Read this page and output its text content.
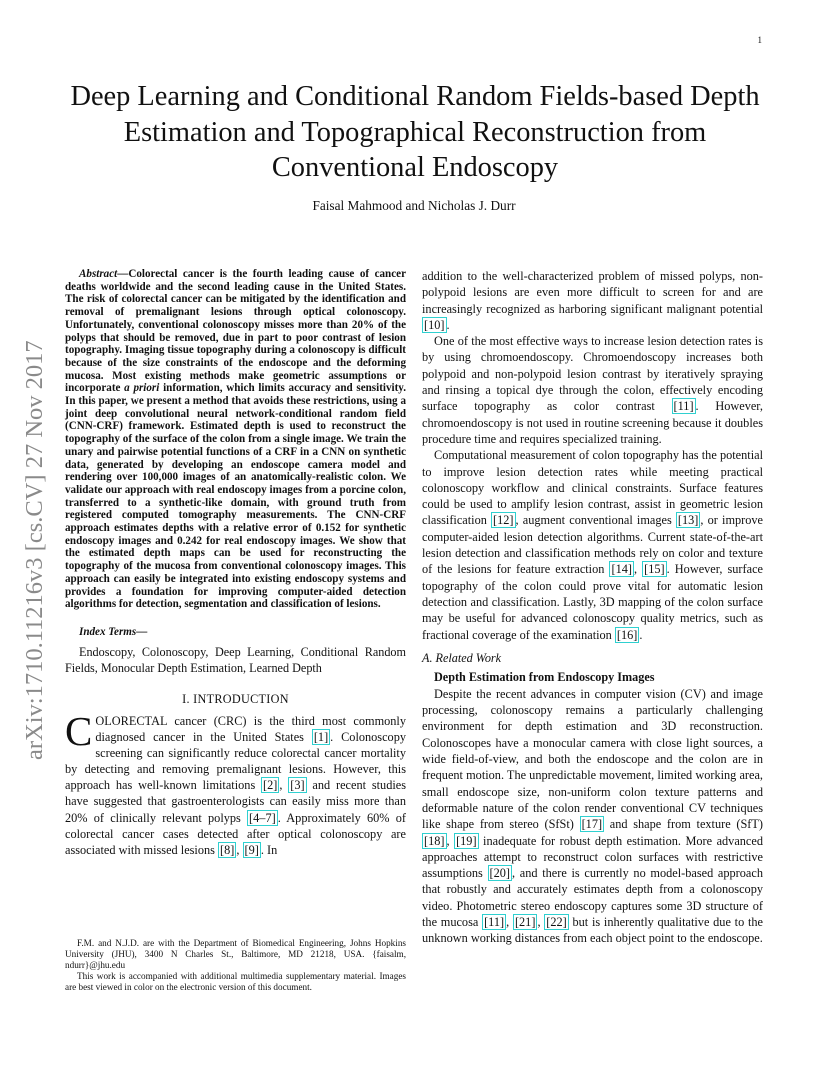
1
Deep Learning and Conditional Random Fields-based Depth Estimation and Topographical Reconstruction from Conventional Endoscopy
Faisal Mahmood and Nicholas J. Durr
arXiv:1710.11216v3 [cs.CV] 27 Nov 2017

Abstract—Colorectal cancer is the fourth leading cause of cancer deaths worldwide and the second leading cause in the United States. The risk of colorectal cancer can be mitigated by the identification and removal of premalignant lesions through optical colonoscopy. Unfortunately, conventional colonoscopy misses more than 20% of the polyps that should be removed, due in part to poor contrast of lesion topography. Imaging tissue topography during a colonoscopy is difficult because of the size constraints of the endoscope and the deforming mucosa. Most existing methods make geometric assumptions or incorporate a priori information, which limits accuracy and sensitivity. In this paper, we present a method that avoids these restrictions, using a joint deep convolutional neural network-conditional random field (CNN-CRF) framework. Estimated depth is used to reconstruct the topography of the surface of the colon from a single image. We train the unary and pairwise potential functions of a CRF in a CNN on synthetic data, generated by developing an endoscope camera model and rendering over 100,000 images of an anatomically-realistic colon. We validate our approach with real endoscopy images from a porcine colon, transferred to a synthetic-like domain, with ground truth from registered computed tomography measurements. The CNN-CRF approach estimates depths with a relative error of 0.152 for synthetic endoscopy images and 0.242 for real endoscopy images. We show that the estimated depth maps can be used for reconstructing the topography of the mucosa from conventional colonoscopy images. This approach can easily be integrated into existing endoscopy systems and provides a foundation for improving computer-aided detection algorithms for detection, segmentation and classification of lesions.

Index Terms—

Endoscopy, Colonoscopy, Deep Learning, Conditional Random Fields, Monocular Depth Estimation, Learned Depth

I. INTRODUCTION

COLORECTAL cancer (CRC) is the third most commonly diagnosed cancer in the United States [1] . Colonoscopy screening can significantly reduce colorectal cancer mortality by detecting and removing premalignant lesions. However, this approach has well-known limitations [2] , [3] and recent studies have suggested that gastroenterologists can easily miss more than 20% of clinically relevant polyps [4–7] . Approximately 60% of colorectal cancer cases detected after optical colonoscopy are associated with missed lesions [8] , [9] . In

F.M. and N.J.D. are with the Department of Biomedical Engineering, Johns Hopkins University (JHU), 3400 N Charles St., Baltimore, MD 21218, USA. {faisalm, ndurr}@jhu.edu

This work is accompanied with additional multimedia supplementary material. Images are best viewed in color on the electronic version of this document.

addition to the well-characterized problem of missed polyps, non-polypoid lesions are even more difficult to screen for and are increasingly recognized as harboring significant malignant potential [10] .

One of the most effective ways to increase lesion detection rates is by using chromoendoscopy. Chromoendoscopy increases both polypoid and non-polypoid lesion contrast by iteratively spraying and rinsing a topical dye through the colon, effectively encoding surface topography as color contrast [11] . However, chromoendoscopy is not used in routine screening because it doubles procedure time and requires specialized training.

Computational measurement of colon topography has the potential to improve lesion detection rates while meeting practical colonoscopy workflow and clinical constraints. Surface features could be used to amplify lesion contrast, assist in geometric lesion classification [12] , augment conventional images [13] , or improve computer-aided lesion detection algorithms. Current state-of-the-art lesion detection and classification methods rely on color and texture of the lesions for feature extraction [14] , [15] . However, surface topography of the colon could prove vital for automatic lesion detection and classification. Lastly, 3D mapping of the colon surface may be useful for advanced colonoscopy quality metrics, such as fractional coverage of the examination [16] .

A. Related Work
Depth Estimation from Endoscopy Images

Despite the recent advances in computer vision (CV) and image processing, colonoscopy remains a particularly challenging environment for depth estimation and 3D reconstruction. Colonoscopes have a monocular camera with close light sources, a wide field-of-view, and both the endoscope and the colon are in frequent motion. The unpredictable movement, limited working area, small endoscope size, non-uniform colon texture patterns and deformable nature of the colon render conventional CV techniques like shape from stereo (SfSt) [17] and shape from texture (SfT) [18] , [19] inadequate for robust depth estimation. More advanced approaches attempt to reconstruct colon surfaces with restrictive assumptions [20] , and there is currently no model-based approach that robustly and accurately estimates depth from a colonoscopy video. Photometric stereo endoscopy captures some 3D structure of the mucosa [11] , [21] , [22] but is inherently qualitative due to the unknown working distances from each object point to the endoscope.
